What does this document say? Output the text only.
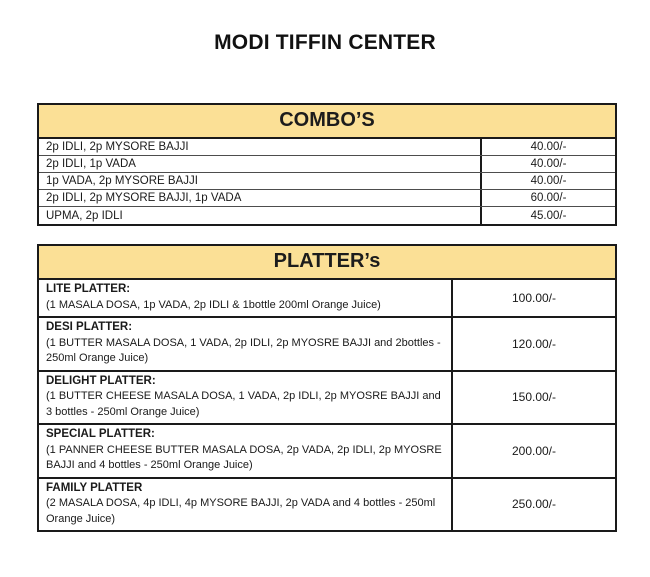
MODI TIFFIN CENTER
COMBO’S
2p IDLI, 2p MYSORE BAJJI	40.00/-
2p IDLI, 1p VADA	40.00/-
1p VADA, 2p MYSORE BAJJI	40.00/-
2p IDLI, 2p MYSORE BAJJI, 1p VADA	60.00/-
UPMA, 2p IDLI	45.00/-
PLATTER’s
LITE PLATTER:
(1 MASALA DOSA, 1p VADA, 2p IDLI & 1bottle 200ml Orange Juice)	100.00/-
DESI PLATTER:
(1 BUTTER MASALA DOSA, 1 VADA, 2p IDLI, 2p MYOSRE BAJJI and 2bottles - 250ml Orange Juice)
120.00/-
DELIGHT PLATTER:
(1 BUTTER CHEESE MASALA DOSA, 1 VADA, 2p IDLI, 2p MYOSRE BAJJI and 3 bottles - 250ml Orange Juice)
150.00/-
SPECIAL PLATTER:
(1 PANNER CHEESE BUTTER MASALA DOSA, 2p VADA, 2p IDLI, 2p MYOSRE BAJJI and 4 bottles - 250ml Orange Juice)
200.00/-
FAMILY PLATTER
(2 MASALA DOSA, 4p IDLI, 4p MYSORE BAJJI, 2p VADA and 4 bottles - 250ml Orange Juice)
250.00/-
